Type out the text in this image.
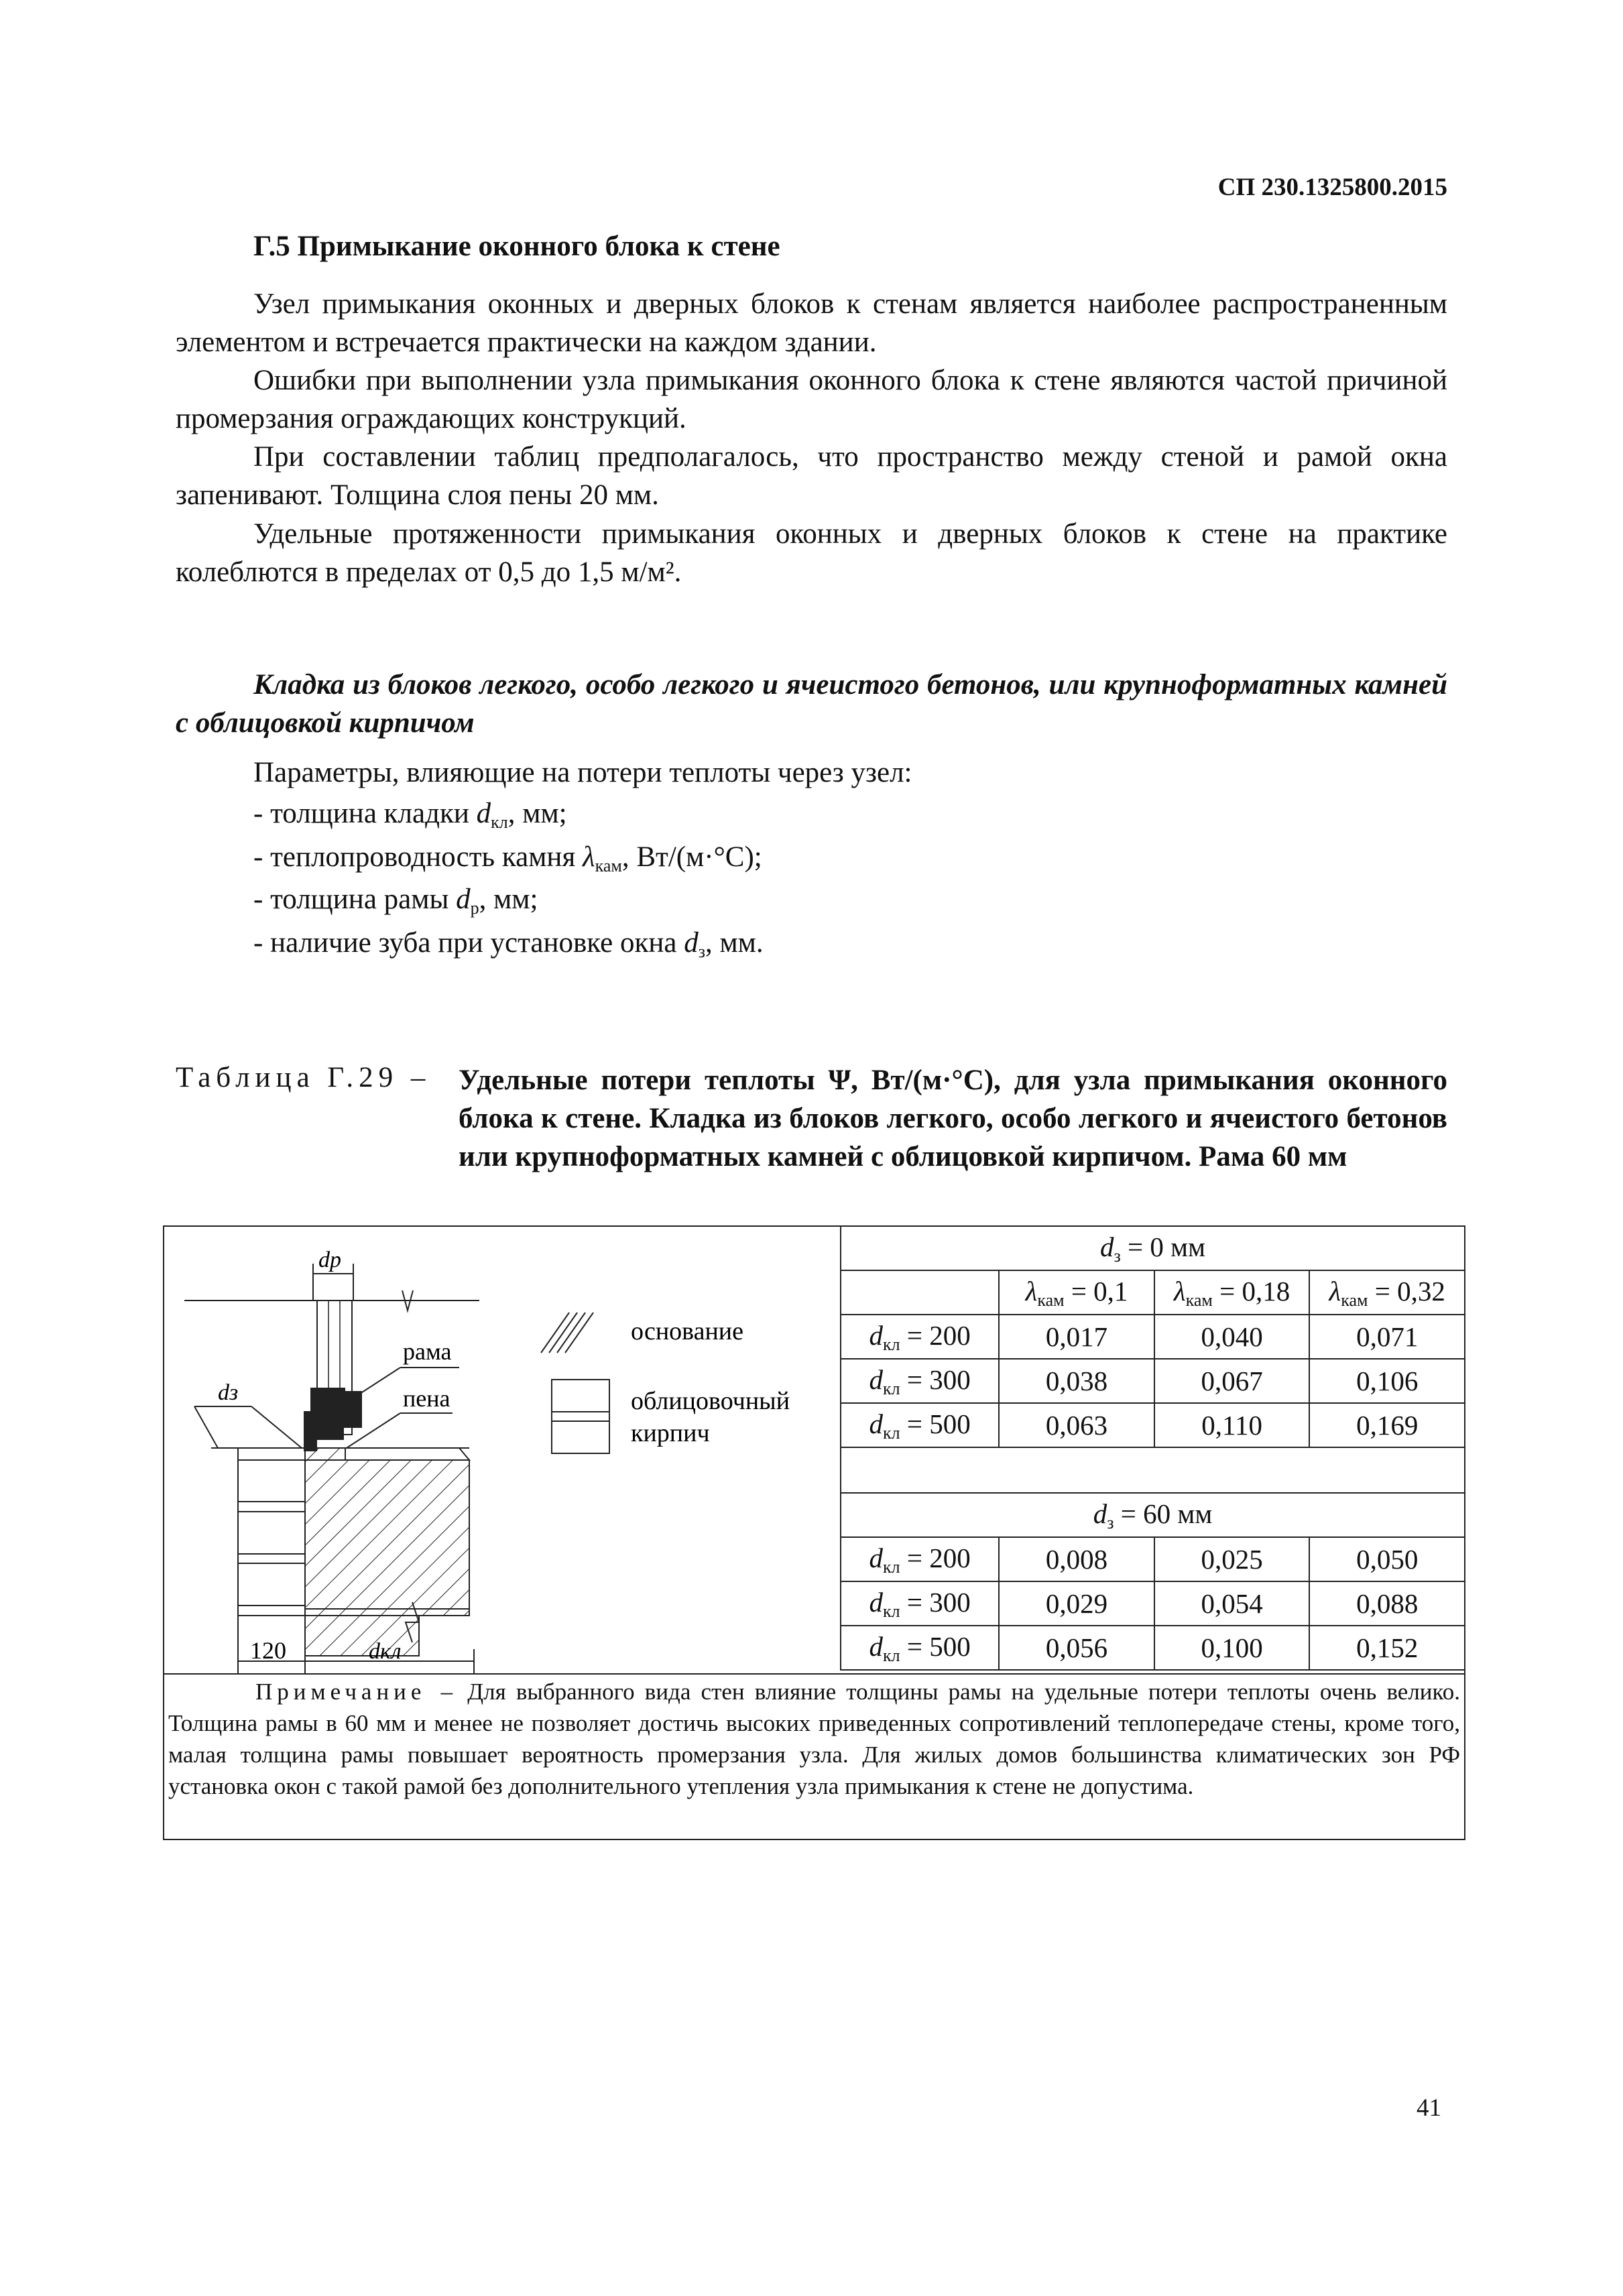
СП 230.1325800.2015
Г.5 Примыкание оконного блока к стене

Узел примыкания оконных и дверных блоков к стенам является наиболее распространенным элементом и встречается практически на каждом здании.

Ошибки при выполнении узла примыкания оконного блока к стене являются частой причиной промерзания ограждающих конструкций.

При составлении таблиц предполагалось, что пространство между стеной и рамой окна запенивают. Толщина слоя пены 20 мм.

Удельные протяженности примыкания оконных и дверных блоков к стене на практике колеблются в пределах от 0,5 до 1,5 м/м².

Кладка из блоков легкого, особо легкого и ячеистого бетонов, или крупноформатных камней с облицовкой кирпичом

Параметры, влияющие на потери теплоты через узел:
- толщина кладки $d_{кл}$, мм;
- теплопроводность камня $\lambda_{кам}$, Вт/(м·°С);
- толщина рамы $d_р$, мм;
- наличие зуба при установке окна $d_з$, мм.
Таблица Г.29 – Удельные потери теплоты Ψ, Вт/(м·°С), для узла примыкания оконного блока к стене. Кладка из блоков легкого, особо легкого и ячеистого бетонов или крупноформатных камней с облицовкой кирпичом. Рама 60 мм
dр
рама
пена
dз
120	dкл
основание
облицовочный
кирпич
$d_з = 0$ мм			
	$\lambda_{кам} = 0,1$	$\lambda_{кам} = 0,18$	$\lambda_{кам} = 0,32$
$d_{кл} = 200$	0,017	0,040	0,071
$d_{кл} = 300$	0,038	0,067	0,106
$d_{кл} = 500$	0,063	0,110	0,169

$d_з = 60$ мм			
$d_{кл} = 200$	0,008	0,025	0,050
$d_{кл} = 300$	0,029	0,054	0,088
$d_{кл} = 500$	0,056	0,100	0,152
Примечание – Для выбранного вида стен влияние толщины рамы на удельные потери теплоты очень велико. Толщина рамы в 60 мм и менее не позволяет достичь высоких приведенных сопротивлений теплопередаче стены, кроме того, малая толщина рамы повышает вероятность промерзания узла. Для жилых домов большинства климатических зон РФ установка окон с такой рамой без дополнительного утепления узла примыкания к стене не допустима.
41
